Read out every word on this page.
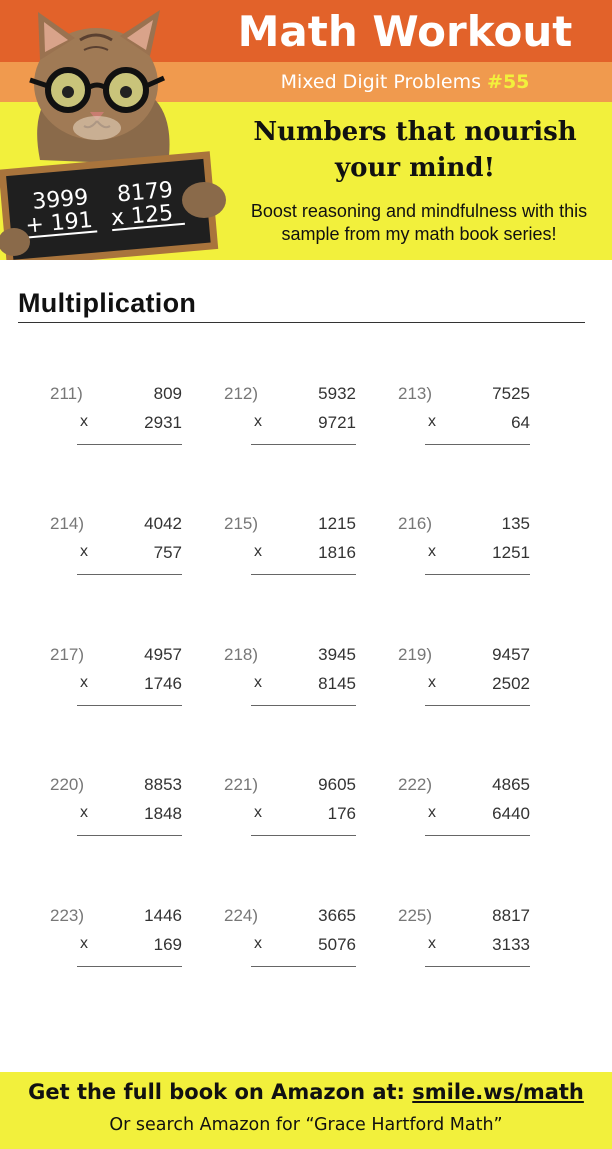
Math Workout
Mixed Digit Problems #55
Numbers that nourish your mind!
Boost reasoning and mindfulness with this sample from my math book series!
3999
+ 191
8179
x 125
Multiplication
211)	809
x	2931
212)	5932
x	9721
213)	7525
x	64
214)	4042
x	757
215)	1215
x	1816
216)	135
x	1251
217)	4957
x	1746
218)	3945
x	8145
219)	9457
x	2502
220)	8853
x	1848
221)	9605
x	176
222)	4865
x	6440
223)	1446
x	169
224)	3665
x	5076
225)	8817
x	3133
Get the full book on Amazon at: smile.ws/math
Or search Amazon for “Grace Hartford Math”
